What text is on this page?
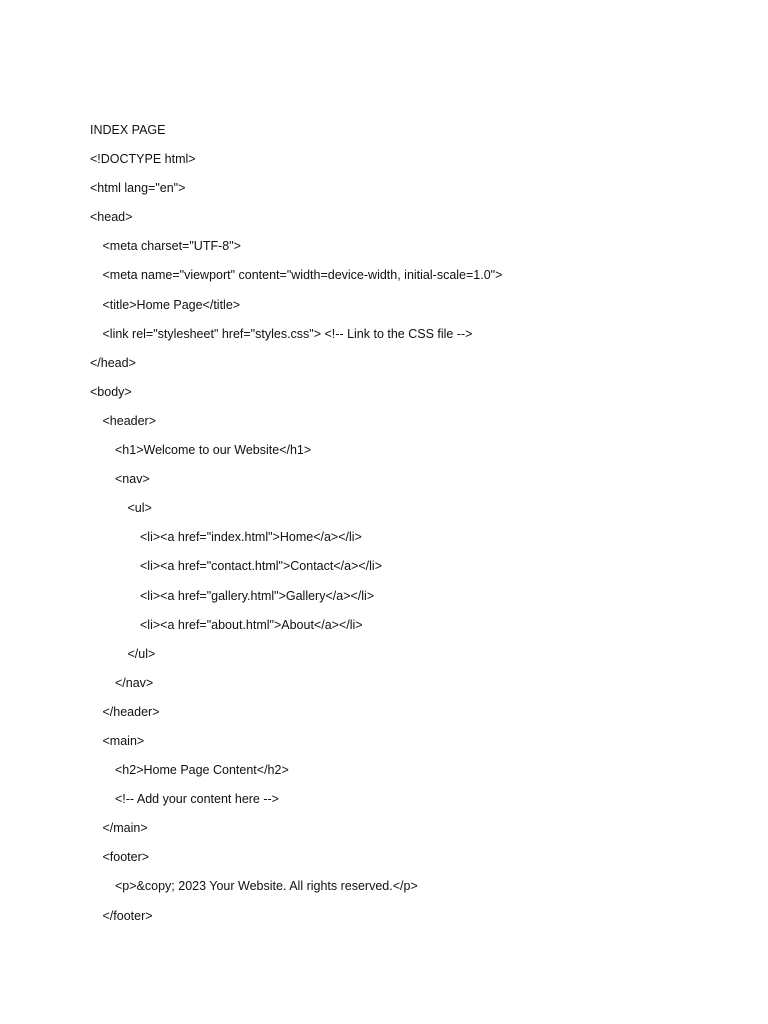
INDEX PAGE
<!DOCTYPE html>
<html lang="en">
<head>
<meta charset="UTF-8">
<meta name="viewport" content="width=device-width, initial-scale=1.0">
<title>Home Page</title>
<link rel="stylesheet" href="styles.css"> <!-- Link to the CSS file -->
</head>
<body>
<header>
<h1>Welcome to our Website</h1>
<nav>
<ul>
<li><a href="index.html">Home</a></li>
<li><a href="contact.html">Contact</a></li>
<li><a href="gallery.html">Gallery</a></li>
<li><a href="about.html">About</a></li>
</ul>
</nav>
</header>
<main>
<h2>Home Page Content</h2>
<!-- Add your content here -->
</main>
<footer>
<p>&copy; 2023 Your Website. All rights reserved.</p>
</footer>
